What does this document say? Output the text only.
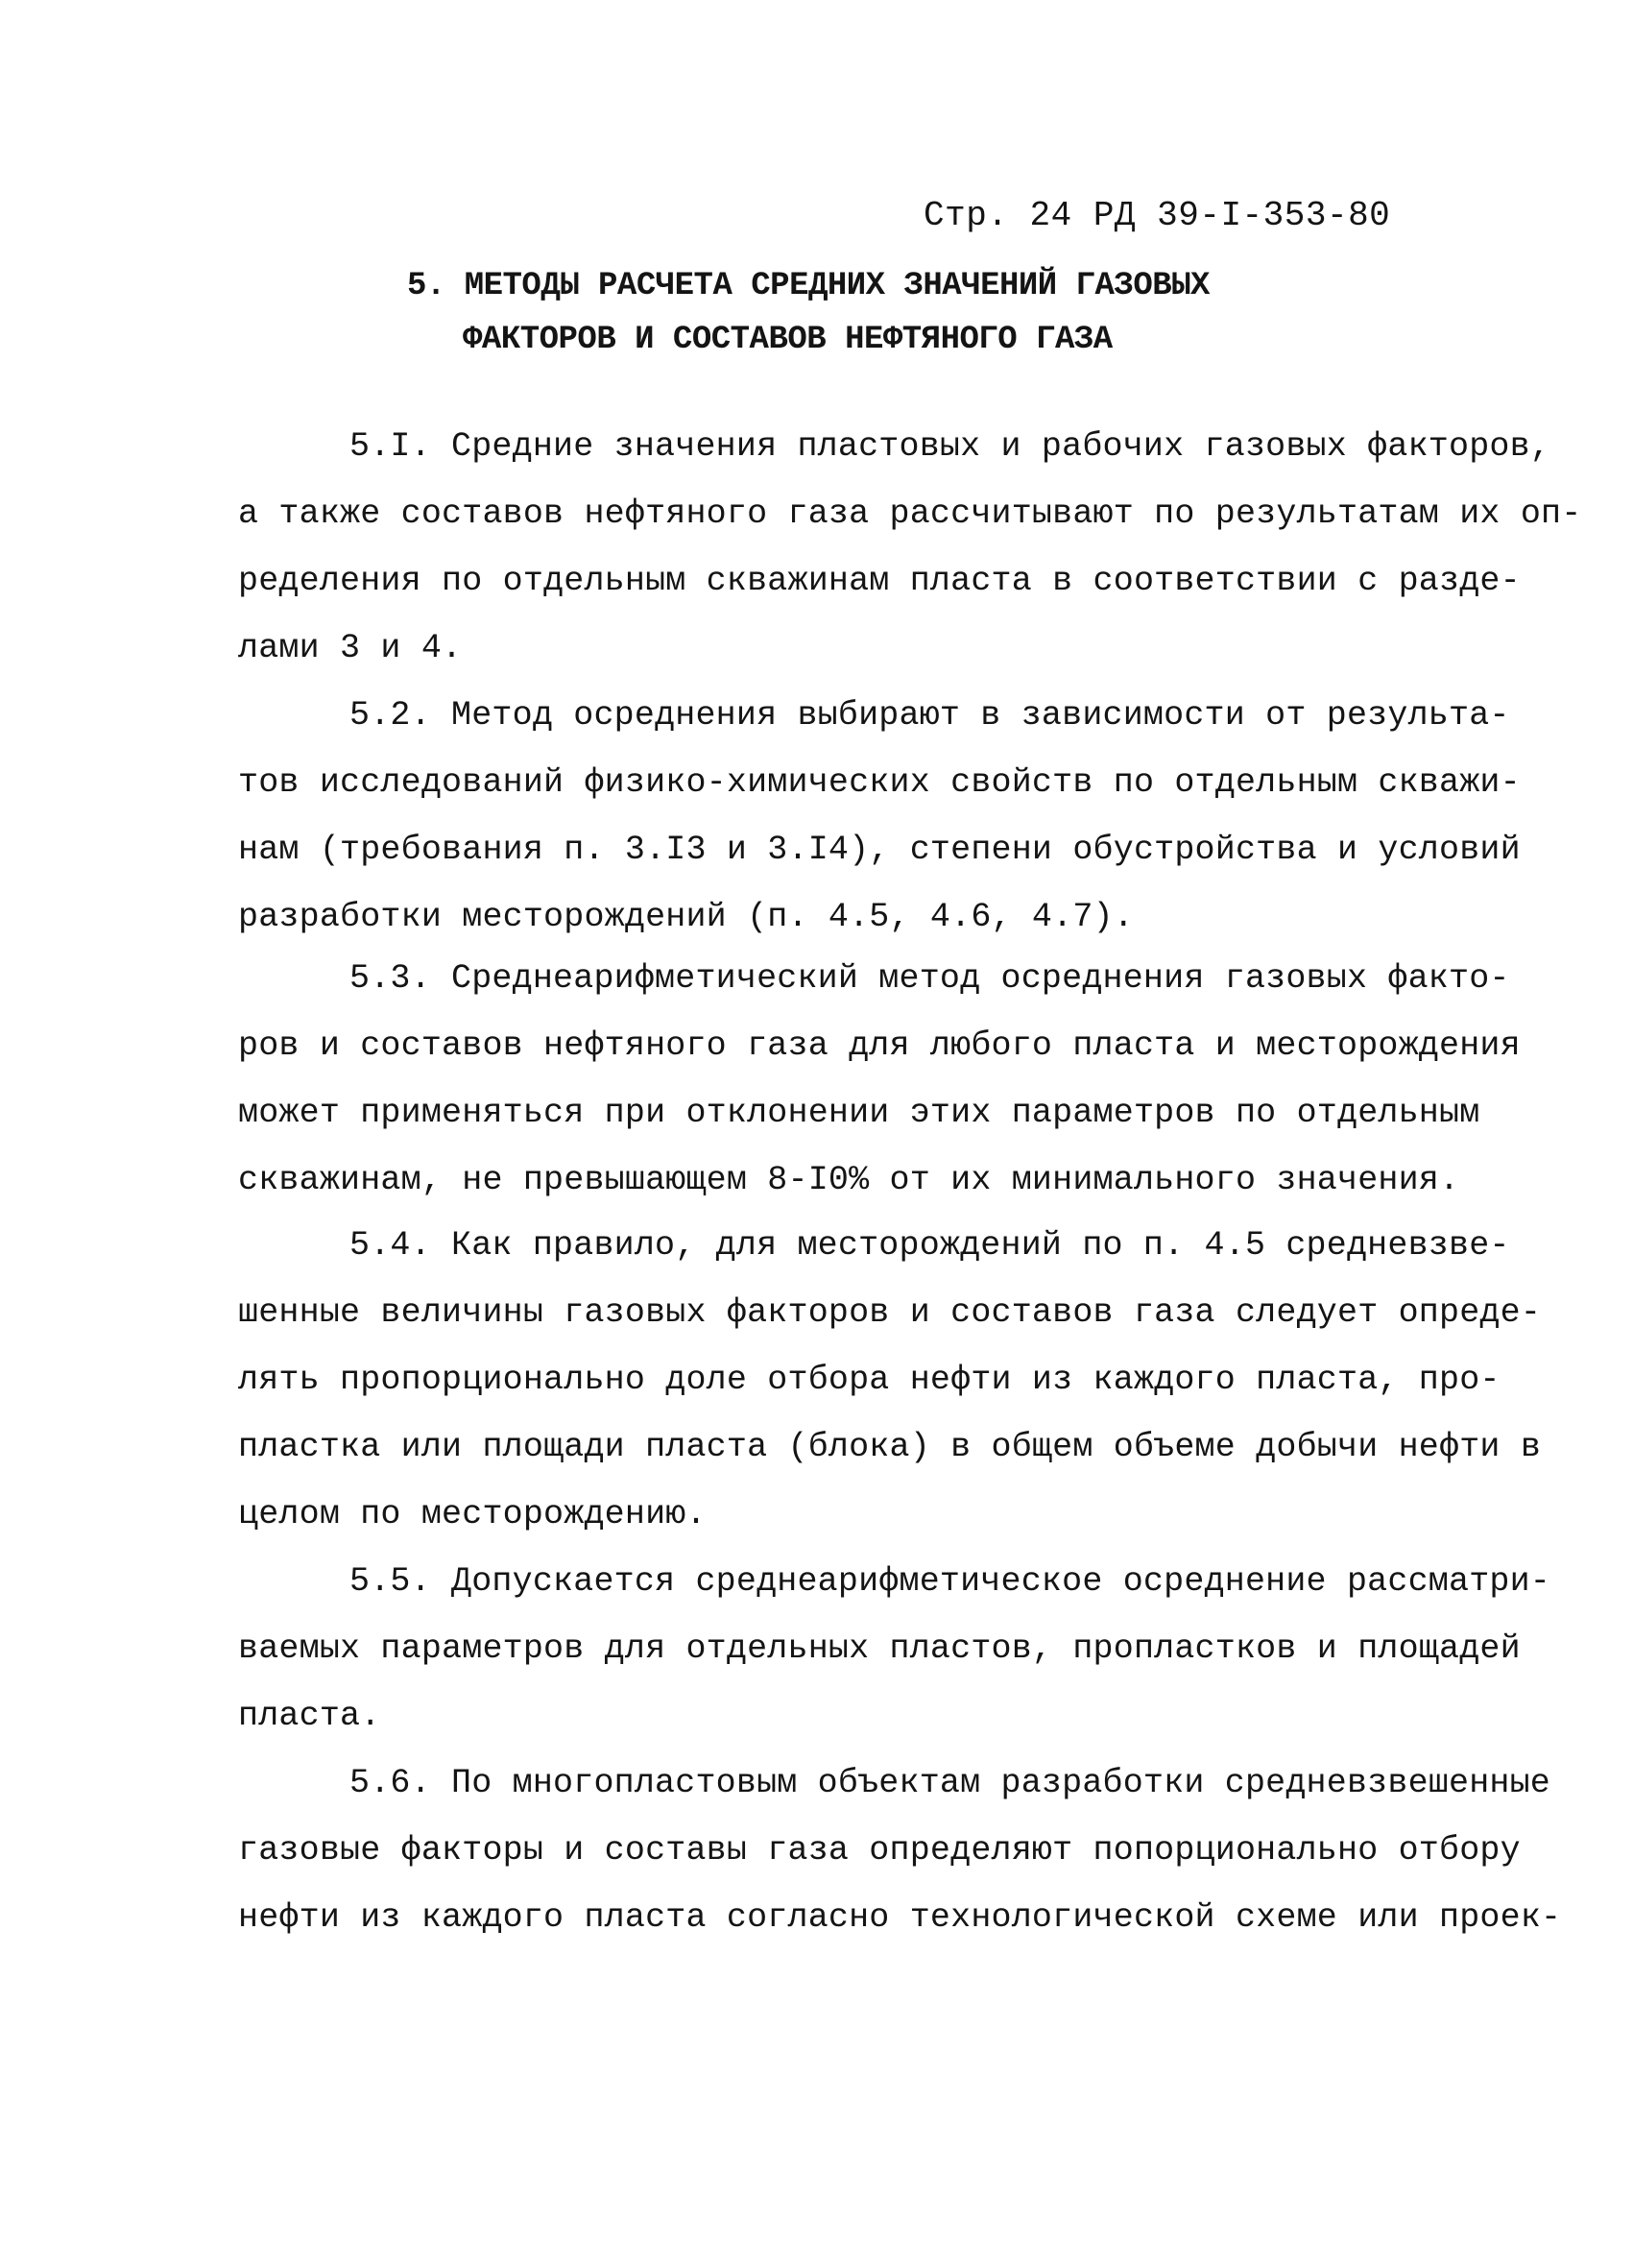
Стр. 24 РД 39-I-353-80
5. МЕТОДЫ РАСЧЕТА СРЕДНИХ ЗНАЧЕНИЙ ГАЗОВЫХ
ФАКТОРОВ И СОСТАВОВ НЕФТЯНОГО ГАЗА
5.I. Средние значения пластовых и рабочих газовых факторов,
а также составов нефтяного газа рассчитывают по результатам их оп-
ределения по отдельным скважинам пласта в соответствии с разде-
лами 3 и 4.
5.2. Метод осреднения выбирают в зависимости от результа-
тов исследований физико-химических свойств по отдельным скважи-
нам (требования п. 3.I3 и 3.I4), степени обустройства и условий
разработки месторождений (п. 4.5, 4.6, 4.7).
5.3. Среднеарифметический метод осреднения газовых факто-
ров и составов нефтяного газа для любого пласта и месторождения
может применяться при отклонении этих параметров по отдельным
скважинам, не превышающем 8-I0% от их минимального значения.
5.4. Как правило, для месторождений по п. 4.5 средневзве-
шенные величины газовых факторов и составов газа следует опреде-
лять пропорционально доле отбора нефти из каждого пласта, про-
пластка или площади пласта (блока) в общем объеме добычи нефти в
целом по месторождению.
5.5. Допускается среднеарифметическое осреднение рассматри-
ваемых параметров для отдельных пластов, пропластков и площадей
пласта.
5.6. По многопластовым объектам разработки средневзвешенные
газовые факторы и составы газа определяют попорционально отбору
нефти из каждого пласта согласно технологической схеме или проек-
